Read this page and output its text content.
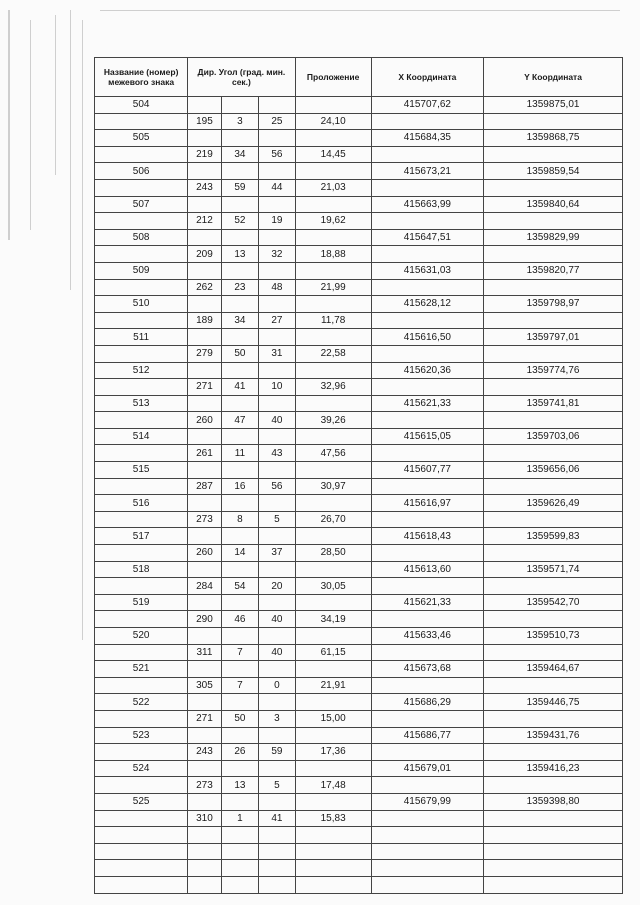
Название (номер) межевого знака	Дир. Угол (град. мин. сек.)			Проложение	X Координата	Y Координата
504					415707,62	1359875,01
	195	3	25	24,10		
505					415684,35	1359868,75
	219	34	56	14,45		
506					415673,21	1359859,54
	243	59	44	21,03		
507					415663,99	1359840,64
	212	52	19	19,62		
508					415647,51	1359829,99
	209	13	32	18,88		
509					415631,03	1359820,77
	262	23	48	21,99		
510					415628,12	1359798,97
	189	34	27	11,78		
511					415616,50	1359797,01
	279	50	31	22,58		
512					415620,36	1359774,76
	271	41	10	32,96		
513					415621,33	1359741,81
	260	47	40	39,26		
514					415615,05	1359703,06
	261	11	43	47,56		
515					415607,77	1359656,06
	287	16	56	30,97		
516					415616,97	1359626,49
	273	8	5	26,70		
517					415618,43	1359599,83
	260	14	37	28,50		
518					415613,60	1359571,74
	284	54	20	30,05		
519					415621,33	1359542,70
	290	46	40	34,19		
520					415633,46	1359510,73
	311	7	40	61,15		
521					415673,68	1359464,67
	305	7	0	21,91		
522					415686,29	1359446,75
	271	50	3	15,00		
523					415686,77	1359431,76
	243	26	59	17,36		
524					415679,01	1359416,23
	273	13	5	17,48		
525					415679,99	1359398,80
	310	1	41	15,83		
